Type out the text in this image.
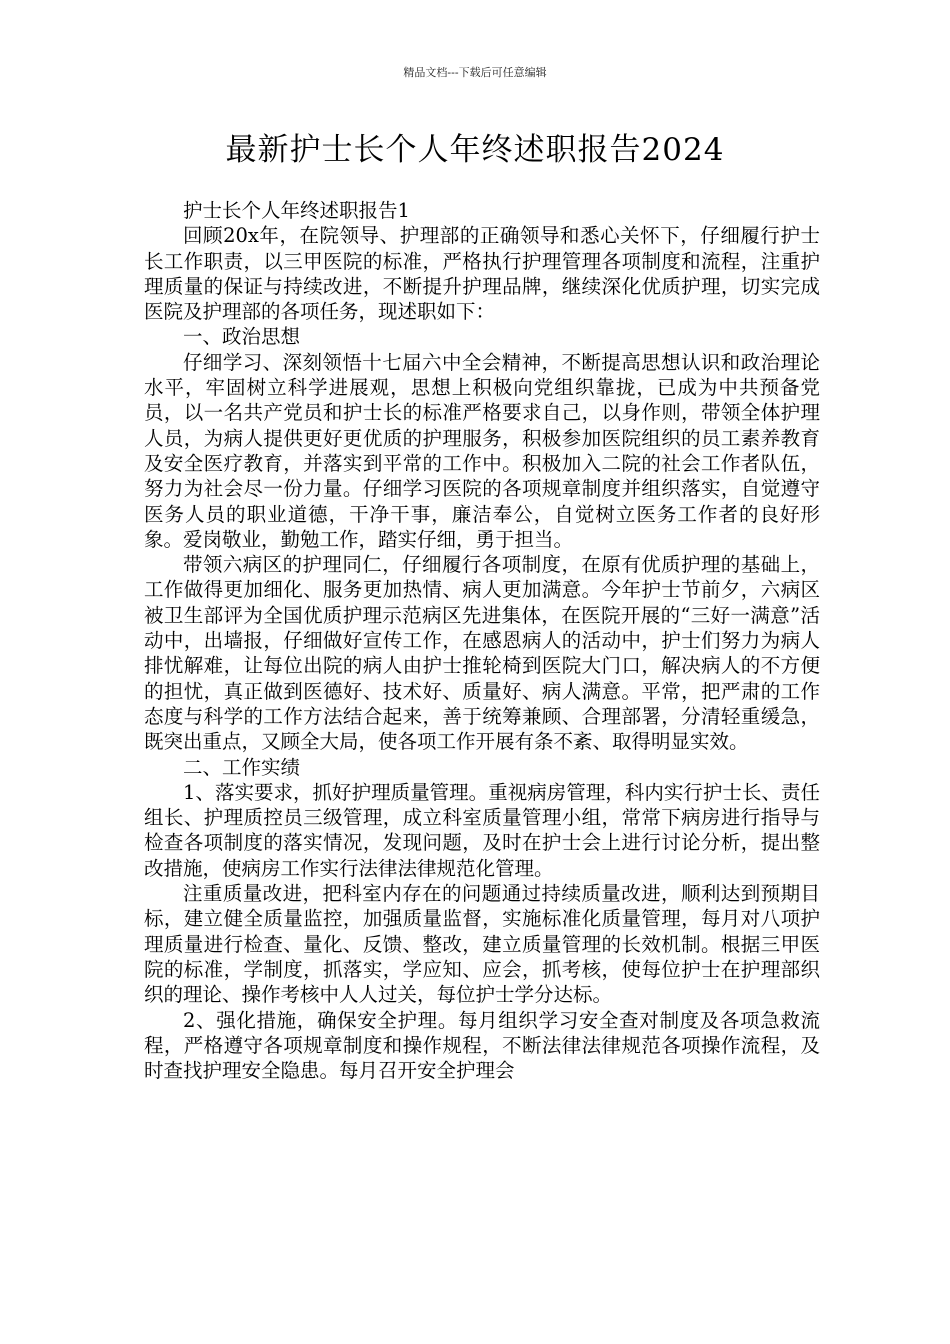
精品文档---下载后可任意编辑
最新护士长个人年终述职报告2024

护士长个人年终述职报告1

回顾20x年，在院领导、护理部的正确领导和悉心关怀下，仔细履行护士长工作职责，以三甲医院的标准，严格执行护理管理各项制度和流程，注重护理质量的保证与持续改进，不断提升护理品牌，继续深化优质护理，切实完成医院及护理部的各项任务，现述职如下：

一、政治思想

仔细学习、深刻领悟十七届六中全会精神，不断提高思想认识和政治理论水平，牢固树立科学进展观，思想上积极向党组织靠拢，已成为中共预备党员，以一名共产党员和护士长的标准严格要求自己，以身作则，带领全体护理人员，为病人提供更好更优质的护理服务，积极参加医院组织的员工素养教育及安全医疗教育，并落实到平常的工作中。积极加入二院的社会工作者队伍，努力为社会尽一份力量。仔细学习医院的各项规章制度并组织落实，自觉遵守医务人员的职业道德，干净干事，廉洁奉公，自觉树立医务工作者的良好形象。爱岗敬业，勤勉工作，踏实仔细，勇于担当。

带领六病区的护理同仁，仔细履行各项制度，在原有优质护理的基础上，工作做得更加细化、服务更加热情、病人更加满意。今年护士节前夕，六病区被卫生部评为全国优质护理示范病区先进集体，在医院开展的“三好一满意”活动中，出墙报，仔细做好宣传工作，在感恩病人的活动中，护士们努力为病人排忧解难，让每位出院的病人由护士推轮椅到医院大门口，解决病人的不方便的担忧，真正做到医德好、技术好、质量好、病人满意。平常，把严肃的工作态度与科学的工作方法结合起来，善于统筹兼顾、合理部署，分清轻重缓急，既突出重点，又顾全大局，使各项工作开展有条不紊、取得明显实效。

二、工作实绩

1、落实要求，抓好护理质量管理。重视病房管理，科内实行护士长、责任组长、护理质控员三级管理，成立科室质量管理小组，常常下病房进行指导与检查各项制度的落实情况，发现问题，及时在护士会上进行讨论分析，提出整改措施，使病房工作实行法律法律规范化管理。

注重质量改进，把科室内存在的问题通过持续质量改进，顺利达到预期目标，建立健全质量监控，加强质量监督，实施标准化质量管理，每月对八项护理质量进行检查、量化、反馈、整改，建立质量管理的长效机制。根据三甲医院的标准，学制度，抓落实，学应知、应会，抓考核，使每位护士在护理部织织的理论、操作考核中人人过关，每位护士学分达标。

2、强化措施，确保安全护理。每月组织学习安全查对制度及各项急救流程，严格遵守各项规章制度和操作规程，不断法律法律规范各项操作流程，及时查找护理安全隐患。每月召开安全护理会
